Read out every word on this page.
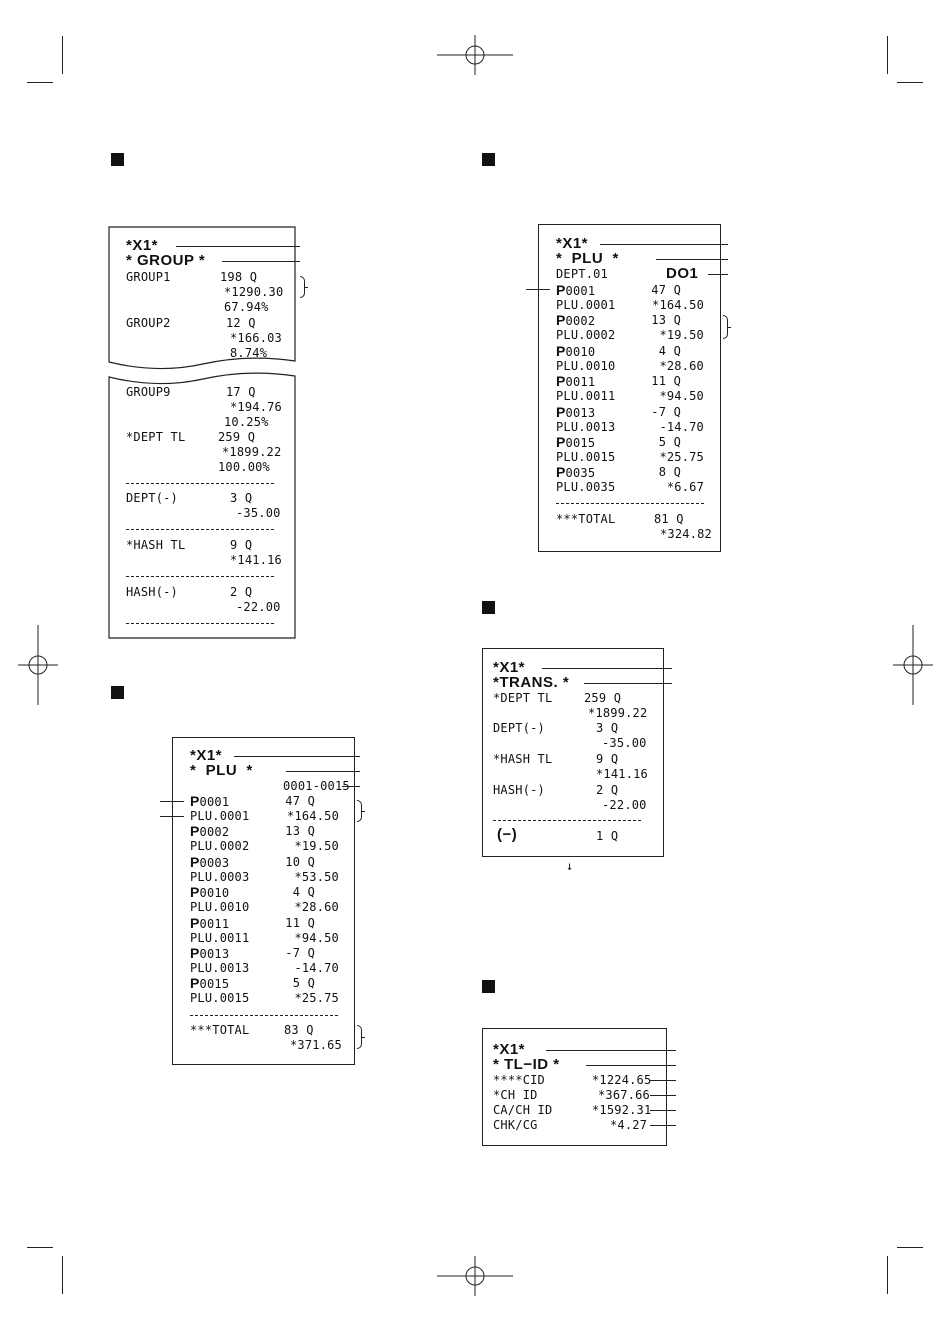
*X1*
* GROUP *
GROUP1	198 Q
*1290.30
67.94%
GROUP2	12 Q
*166.03
8.74%
GROUP9	17 Q
*194.76
10.25%
*DEPT TL	259 Q
*1899.22
100.00%
DEPT(-)	3 Q
-35.00
*HASH TL	9 Q
*141.16
HASH(-)	2 Q
-22.00
*X1*
*  PLU  *
0001-0015
P0001	47 Q
PLU.0001	*164.50
P0002	13 Q
PLU.0002	*19.50
P0003	10 Q
PLU.0003	*53.50
P0010	4 Q
PLU.0010	*28.60
P0011	11 Q
PLU.0011	*94.50
P0013	-7 Q
PLU.0013	-14.70
P0015	5 Q
PLU.0015	*25.75
***TOTAL	83 Q
*371.65
*X1*
*  PLU  *
DEPT.01	DO1
P0001	47 Q
PLU.0001	*164.50
P0002	13 Q
PLU.0002	*19.50
P0010	4 Q
PLU.0010	*28.60
P0011	11 Q
PLU.0011	*94.50
P0013	-7 Q
PLU.0013	-14.70
P0015	5 Q
PLU.0015	*25.75
P0035	8 Q
PLU.0035	*6.67
***TOTAL	81 Q
*324.82
*X1*
*TRANS. *
*DEPT TL	259 Q
*1899.22
DEPT(-)	3 Q
-35.00
*HASH TL	9 Q
*141.16
HASH(-)	2 Q
-22.00
(−)	1 Q
↓
*X1*
* TL−ID *
****CID	*1224.65
*CH ID	*367.66
CA/CH ID	*1592.31
CHK/CG	*4.27
